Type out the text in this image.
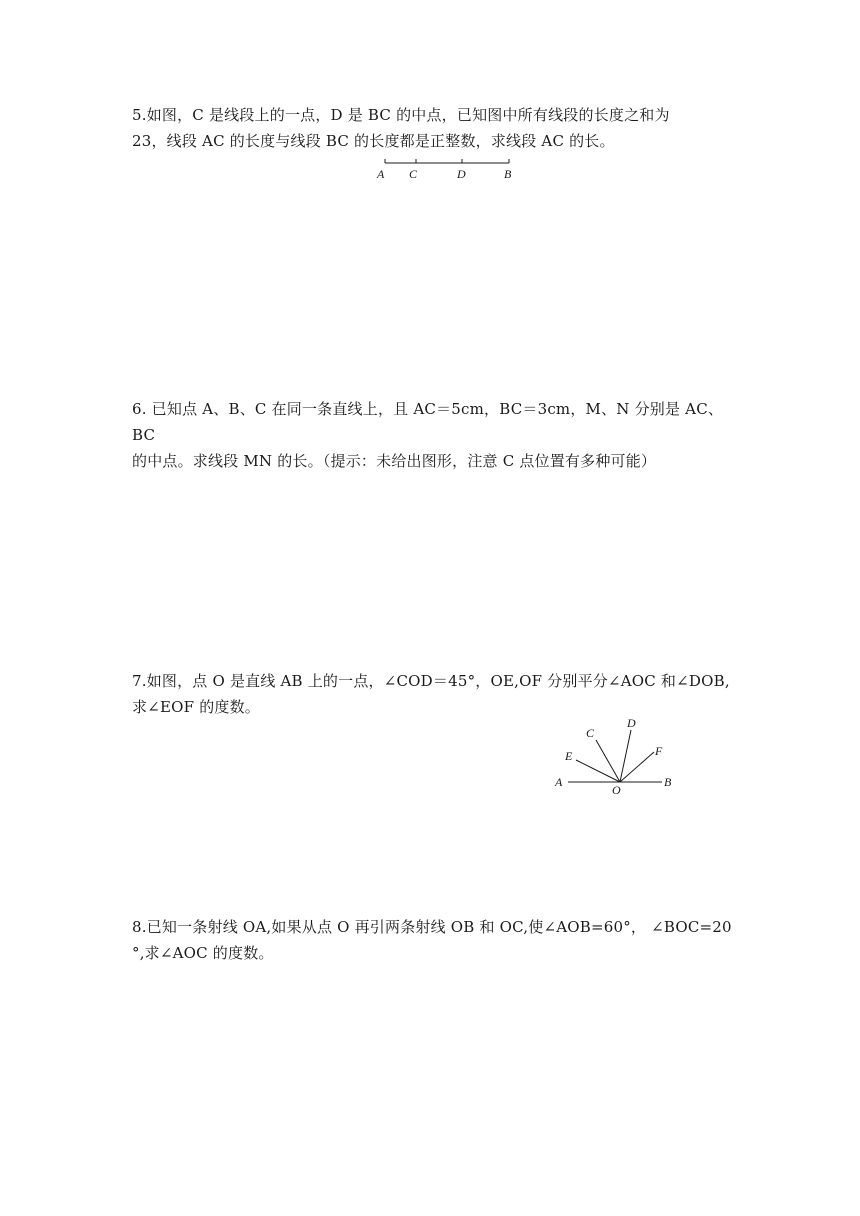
5.如图，C 是线段上的一点，D 是 BC 的中点，已知图中所有线段的长度之和为

23，线段 AC 的长度与线段 BC 的长度都是正整数，求线段 AC 的长。

A C	D	B

6. 已知点 A、B、C 在同一条直线上，且 AC＝5cm，BC＝3cm，M、N 分别是 AC、BC

的中点。求线段 MN 的长。（提示：未给出图形，注意 C 点位置有多种可能）

7.如图，点 O 是直线 AB 上的一点，∠COD＝45°，OE,OF 分别平分∠AOC 和∠DOB,

求∠EOF 的度数。

A
E
C
D
F
O
B

8.已知一条射线 OA,如果从点 O 再引两条射线 OB 和 OC,使∠AOB=60°， ∠BOC=20

°,求∠AOC 的度数。
